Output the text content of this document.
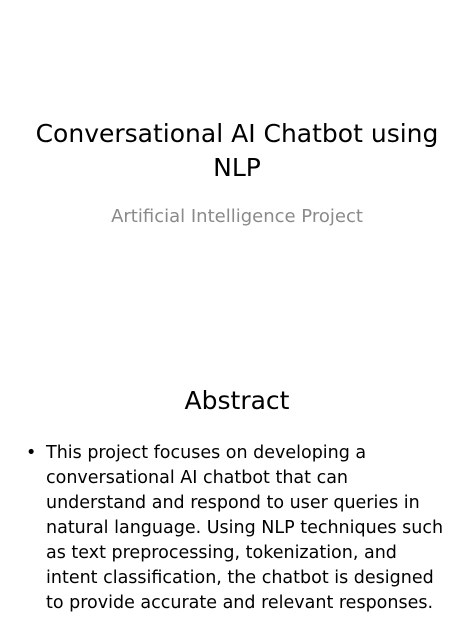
Conversational AI Chatbot using NLP

Artificial Intelligence Project

Abstract
• This project focuses on developing a conversational AI chatbot that can understand and respond to user queries in natural language. Using NLP techniques such as text preprocessing, tokenization, and intent classification, the chatbot is designed to provide accurate and relevant responses.
